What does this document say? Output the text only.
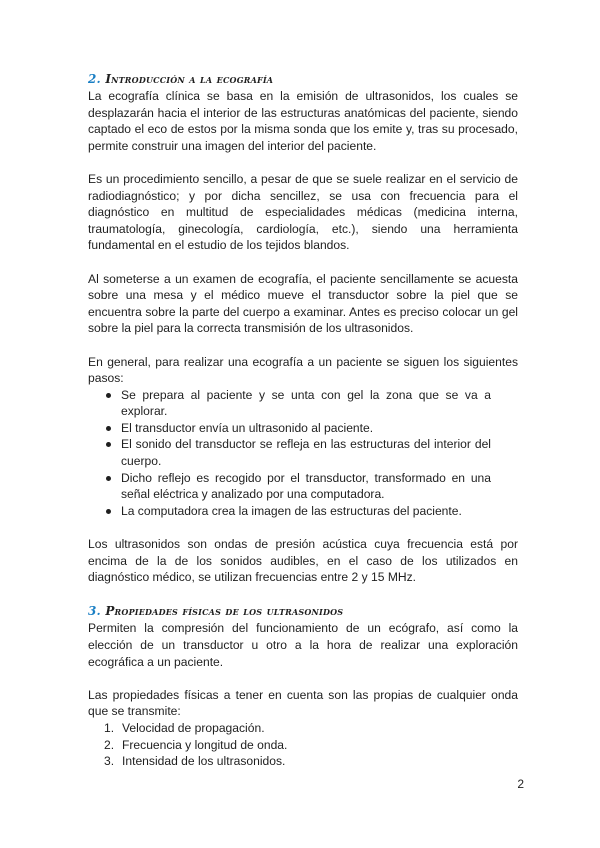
2. Introducción a la ecografía

La ecografía clínica se basa en la emisión de ultrasonidos, los cuales se desplazarán hacia el interior de las estructuras anatómicas del paciente, siendo captado el eco de estos por la misma sonda que los emite y, tras su procesado, permite construir una imagen del interior del paciente.

Es un procedimiento sencillo, a pesar de que se suele realizar en el servicio de radiodiagnóstico; y por dicha sencillez, se usa con frecuencia para el diagnóstico en multitud de especialidades médicas (medicina interna, traumatología, ginecología, cardiología, etc.), siendo una herramienta fundamental en el estudio de los tejidos blandos.

Al someterse a un examen de ecografía, el paciente sencillamente se acuesta sobre una mesa y el médico mueve el transductor sobre la piel que se encuentra sobre la parte del cuerpo a examinar. Antes es preciso colocar un gel sobre la piel para la correcta transmisión de los ultrasonidos.

En general, para realizar una ecografía a un paciente se siguen los siguientes pasos:

Se prepara al paciente y se unta con gel la zona que se va a explorar.
El transductor envía un ultrasonido al paciente.
El sonido del transductor se refleja en las estructuras del interior del cuerpo.
Dicho reflejo es recogido por el transductor, transformado en una señal eléctrica y analizado por una computadora.
La computadora crea la imagen de las estructuras del paciente.

Los ultrasonidos son ondas de presión acústica cuya frecuencia está por encima de la de los sonidos audibles, en el caso de los utilizados en diagnóstico médico, se utilizan frecuencias entre 2 y 15 MHz.

3. Propiedades físicas de los ultrasonidos

Permiten la compresión del funcionamiento de un ecógrafo, así como la elección de un transductor u otro a la hora de realizar una exploración ecográfica a un paciente.

Las propiedades físicas a tener en cuenta son las propias de cualquier onda que se transmite:

1. Velocidad de propagación.
2. Frecuencia y longitud de onda.
3. Intensidad de los ultrasonidos.
2
